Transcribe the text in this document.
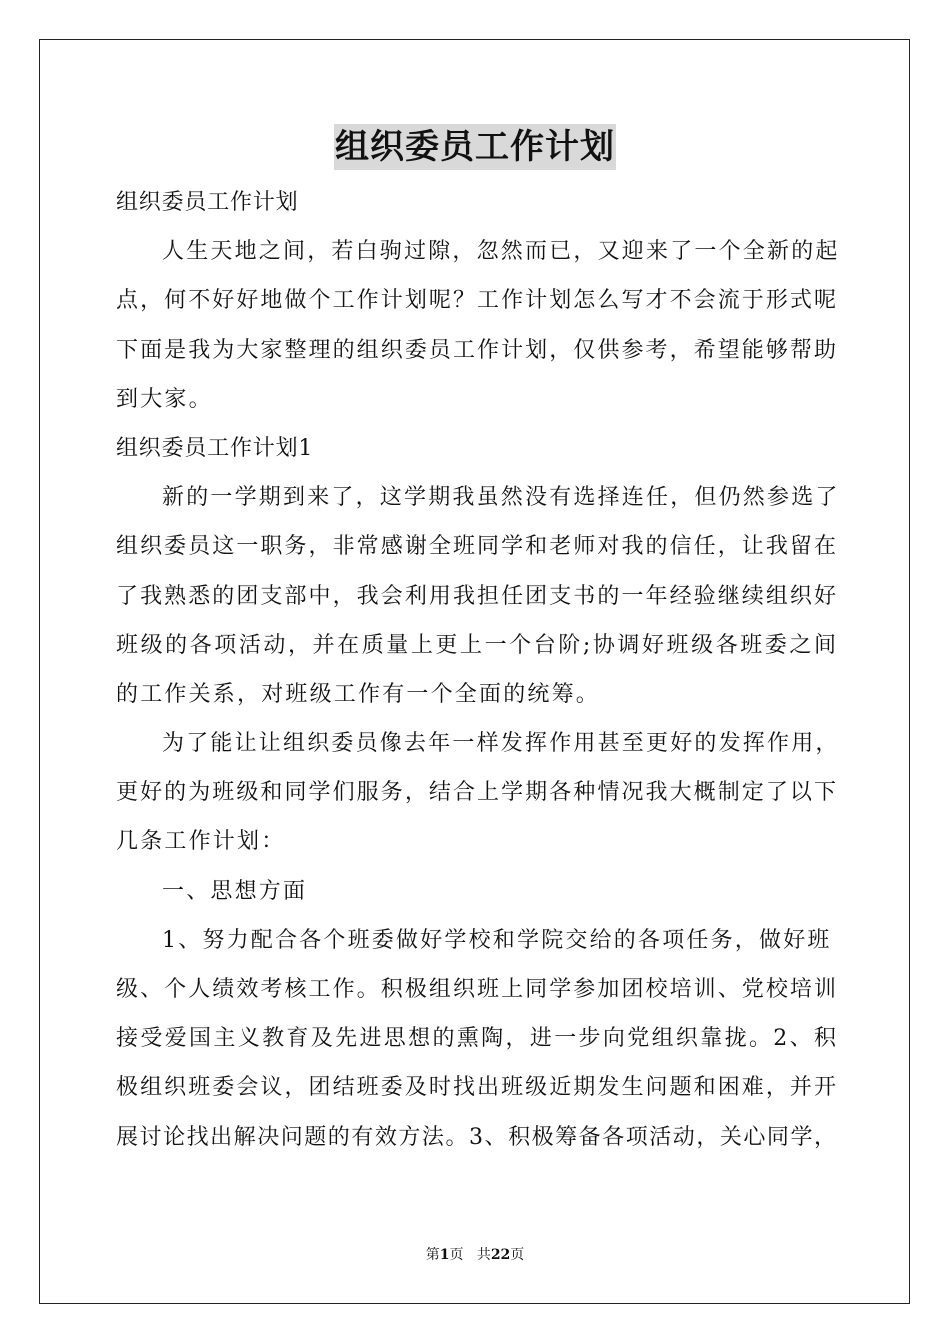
组织委员工作计划
组织委员工作计划
人生天地之间，若白驹过隙，忽然而已，又迎来了一个全新的起
点，何不好好地做个工作计划呢？工作计划怎么写才不会流于形式呢
下面是我为大家整理的组织委员工作计划，仅供参考，希望能够帮助
到大家。
组织委员工作计划1
新的一学期到来了，这学期我虽然没有选择连任，但仍然参选了
组织委员这一职务，非常感谢全班同学和老师对我的信任，让我留在
了我熟悉的团支部中，我会利用我担任团支书的一年经验继续组织好
班级的各项活动，并在质量上更上一个台阶;协调好班级各班委之间
的工作关系，对班级工作有一个全面的统筹。
为了能让让组织委员像去年一样发挥作用甚至更好的发挥作用，
更好的为班级和同学们服务，结合上学期各种情况我大概制定了以下
几条工作计划：
一、思想方面
1、努力配合各个班委做好学校和学院交给的各项任务，做好班
级、个人绩效考核工作。积极组织班上同学参加团校培训、党校培训
接受爱国主义教育及先进思想的熏陶，进一步向党组织靠拢。2、积
极组织班委会议，团结班委及时找出班级近期发生问题和困难，并开
展讨论找出解决问题的有效方法。3、积极筹备各项活动，关心同学，
第1页 共22页
